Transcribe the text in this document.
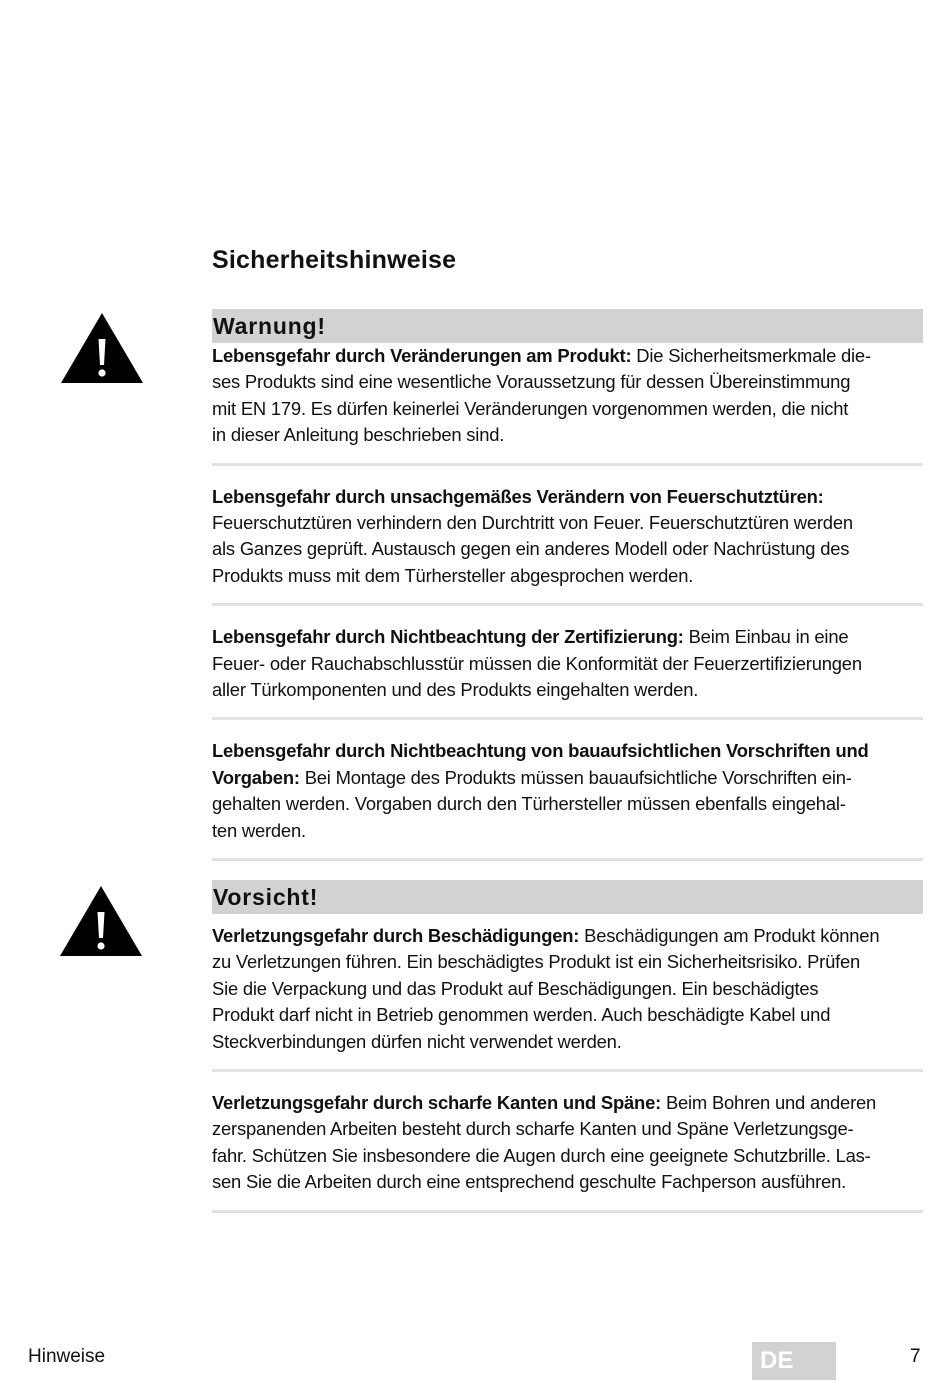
Sicherheitshinweise
Warnung!
Lebensgefahr durch Veränderungen am Produkt: Die Sicherheitsmerkmale die-
ses Produkts sind eine wesentliche Voraussetzung für dessen Übereinstimmung
mit EN 179. Es dürfen keinerlei Veränderungen vorgenommen werden, die nicht
in dieser Anleitung beschrieben sind.
Lebensgefahr durch unsachgemäßes Verändern von Feuerschutztüren:
Feuerschutztüren verhindern den Durchtritt von Feuer. Feuerschutztüren werden
als Ganzes geprüft. Austausch gegen ein anderes Modell oder Nachrüstung des
Produkts muss mit dem Türhersteller abgesprochen werden.
Lebensgefahr durch Nichtbeachtung der Zertifizierung: Beim Einbau in eine
Feuer- oder Rauchabschlusstür müssen die Konformität der Feuerzertifizierungen
aller Türkomponenten und des Produkts eingehalten werden.
Lebensgefahr durch Nichtbeachtung von bauaufsichtlichen Vorschriften und
Vorgaben: Bei Montage des Produkts müssen bauaufsichtliche Vorschriften ein-
gehalten werden. Vorgaben durch den Türhersteller müssen ebenfalls eingehal-
ten werden.
Vorsicht!
Verletzungsgefahr durch Beschädigungen: Beschädigungen am Produkt können
zu Verletzungen führen. Ein beschädigtes Produkt ist ein Sicherheitsrisiko. Prüfen
Sie die Verpackung und das Produkt auf Beschädigungen. Ein beschädigtes
Produkt darf nicht in Betrieb genommen werden. Auch beschädigte Kabel und
Steckverbindungen dürfen nicht verwendet werden.
Verletzungsgefahr durch scharfe Kanten und Späne: Beim Bohren und anderen
zerspanenden Arbeiten besteht durch scharfe Kanten und Späne Verletzungsge-
fahr. Schützen Sie insbesondere die Augen durch eine geeignete Schutzbrille. Las-
sen Sie die Arbeiten durch eine entsprechend geschulte Fachperson ausführen.
Hinweise	DE	7
